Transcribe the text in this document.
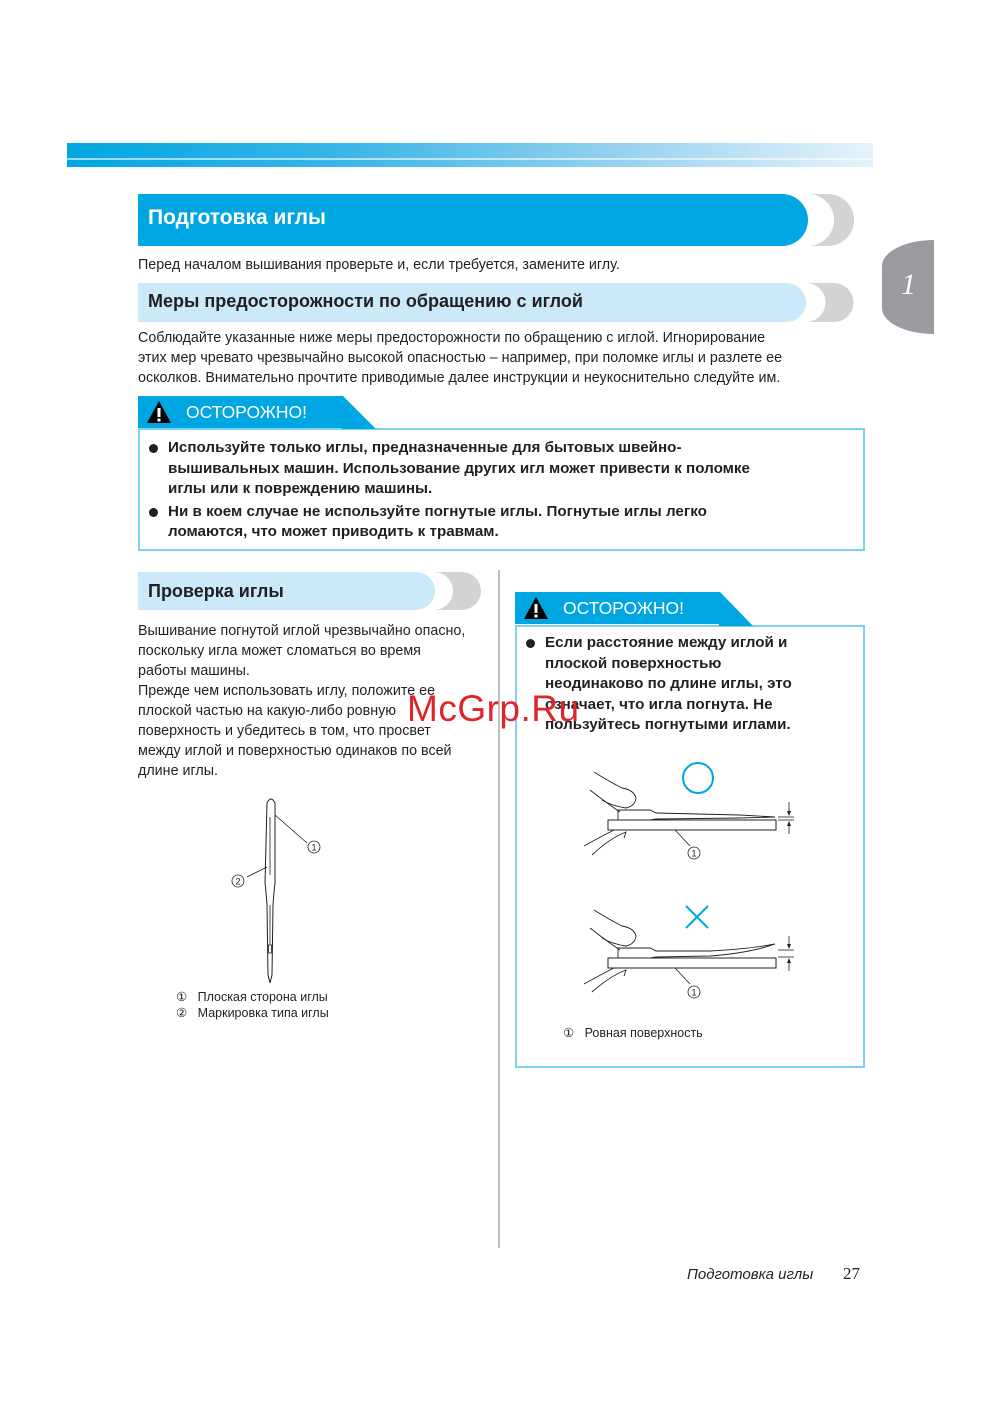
1
Подготовка иглы
Перед началом вышивания проверьте и, если требуется, замените иглу.
Меры предосторожности по обращению с иглой
Соблюдайте указанные ниже меры предосторожности по обращению с иглой. Игнорирование
этих мер чревато чрезвычайно высокой опасностью – например, при поломке иглы и разлете ее
осколков. Внимательно прочтите приводимые далее инструкции и неукоснительно следуйте им.
ОСТОРОЖНО!
Используйте только иглы, предназначенные для бытовых швейно-
вышивальных машин. Использование других игл может привести к поломке
иглы или к повреждению машины.
Ни в коем случае не используйте погнутые иглы. Погнутые иглы легко
ломаются, что может приводить к травмам.
Проверка иглы
Вышивание погнутой иглой чрезвычайно опасно,
поскольку игла может сломаться во время
работы машины.
Прежде чем использовать иглу, положите ее
плоской частью на какую-либо ровную
поверхность и убедитесь в том, что просвет
между иглой и поверхностью одинаков по всей
длине иглы.
1
2
① Плоская сторона иглы
② Маркировка типа иглы
ОСТОРОЖНО!
Если расстояние между иглой и
плоской поверхностью
неодинаково по длине иглы, это
означает, что игла погнута. Не
пользуйтесь погнутыми иглами.
1
1
① Ровная поверхность
McGrp.Ru
Подготовка иглы 27
